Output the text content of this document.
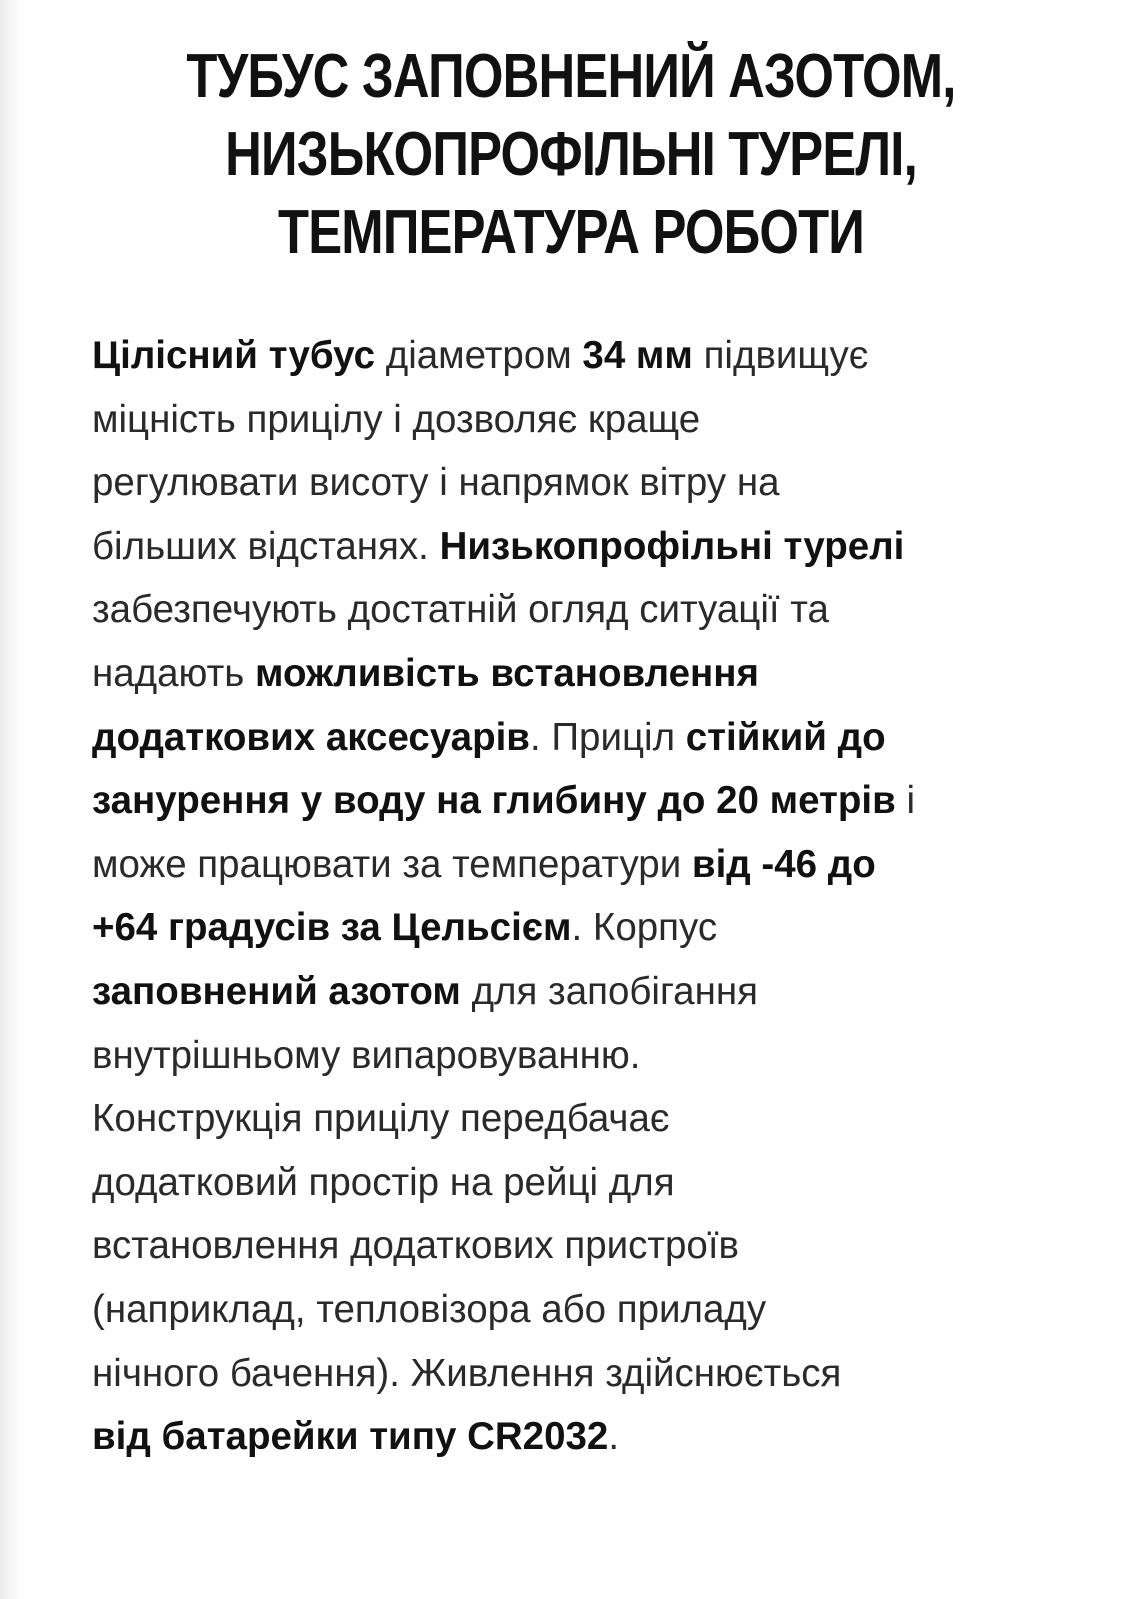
ТУБУС ЗАПОВНЕНИЙ АЗОТОМ,
НИЗЬКОПРОФІЛЬНІ ТУРЕЛІ,
ТЕМПЕРАТУРА РОБОТИ

Цілісний тубус діаметром 34 мм підвищує
міцність прицілу і дозволяє краще
регулювати висоту і напрямок вітру на
більших відстанях. Низькопрофільні турелі
забезпечують достатній огляд ситуації та
надають можливість встановлення
додаткових аксесуарів. Приціл стійкий до
занурення у воду на глибину до 20 метрів і
може працювати за температури від -46 до
+64 градусів за Цельсієм. Корпус
заповнений азотом для запобігання
внутрішньому випаровуванню.
Конструкція прицілу передбачає
додатковий простір на рейці для
встановлення додаткових пристроїв
(наприклад, тепловізора або приладу
нічного бачення). Живлення здійснюється
від батарейки типу CR2032.
